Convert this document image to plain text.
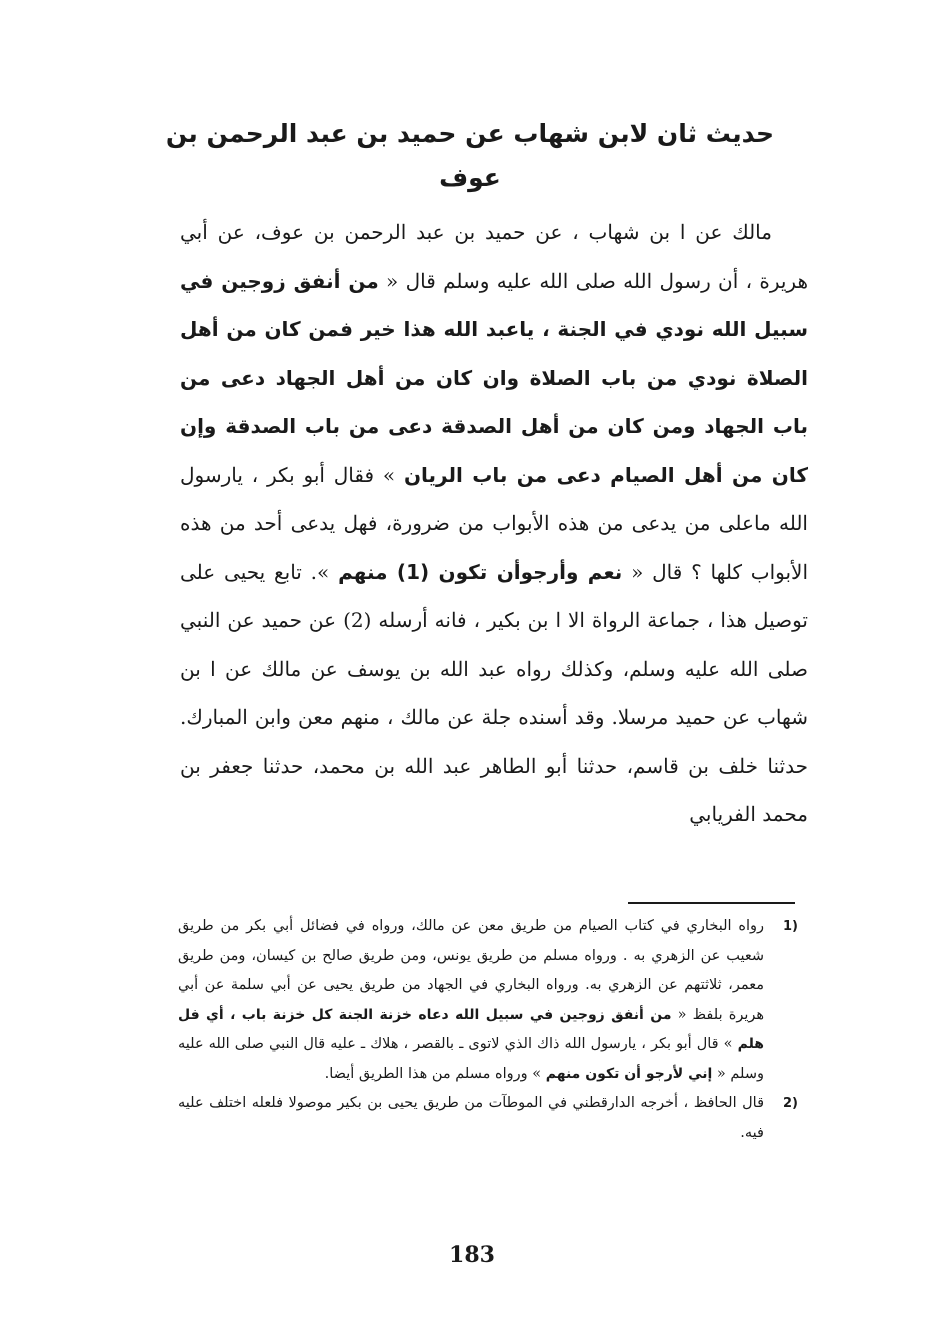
حديث ثان لابن شهاب عن حميد بن عبد الرحمن بن عوف
مالك عن ا بن شهاب ، عن حميد بن عبد الرحمن بن عوف، عن أبي هريرة ، أن رسول الله صلى الله عليه وسلم قال « من أنفق زوجين في سبيل الله نودي في الجنة ، ياعبد الله هذا خير فمن كان من أهل الصلاة نودي من باب الصلاة وان كان من أهل الجهاد دعى من باب الجهاد ومن كان من أهل الصدقة دعى من باب الصدقة وإن كان من أهل الصيام دعى من باب الريان » فقال أبو بكر ، يارسول الله ماعلى من يدعى من هذه الأبواب من ضرورة، فهل يدعى أحد من هذه الأبواب كلها ؟ قال « نعم وأرجوأن تكون (1) منهم ». تابع يحيى على توصيل هذا ، جماعة الرواة الا ا بن بكير ، فانه أرسله (2) عن حميد عن النبي صلى الله عليه وسلم، وكذلك رواه عبد الله بن يوسف عن مالك عن ا بن شهاب عن حميد مرسلا. وقد أسنده جلة عن مالك ، منهم معن وابن المبارك. حدثنا خلف بن قاسم، حدثنا أبو الطاهر عبد الله بن محمد، حدثنا جعفر بن محمد الفريابي
1)
رواه البخاري في كتاب الصيام من طريق معن عن مالك، ورواه في فضائل أبي بكر من طريق شعيب عن الزهري به . ورواه مسلم من طريق يونس، ومن طريق صالح بن كيسان، ومن طريق معمر، ثلاثتهم عن الزهري به. ورواه البخاري في الجهاد من طريق يحيى عن أبي سلمة عن أبي هريرة بلفظ « من أنفق زوجين في سبيل الله دعاه خزنة الجنة كل خزنة باب ، أي فل هلم » قال أبو بكر ، يارسول الله ذاك الذي لاتوى ـ بالقصر ، هلاك ـ عليه قال النبي صلى الله عليه وسلم « إني لأرجو أن تكون منهم » ورواه مسلم من هذا الطريق أيضا.
2)
قال الحافظ ، أخرجه الدارقطني في الموطآت من طريق يحيى بن بكير موصولا فلعله اختلف عليه فيه.
183
